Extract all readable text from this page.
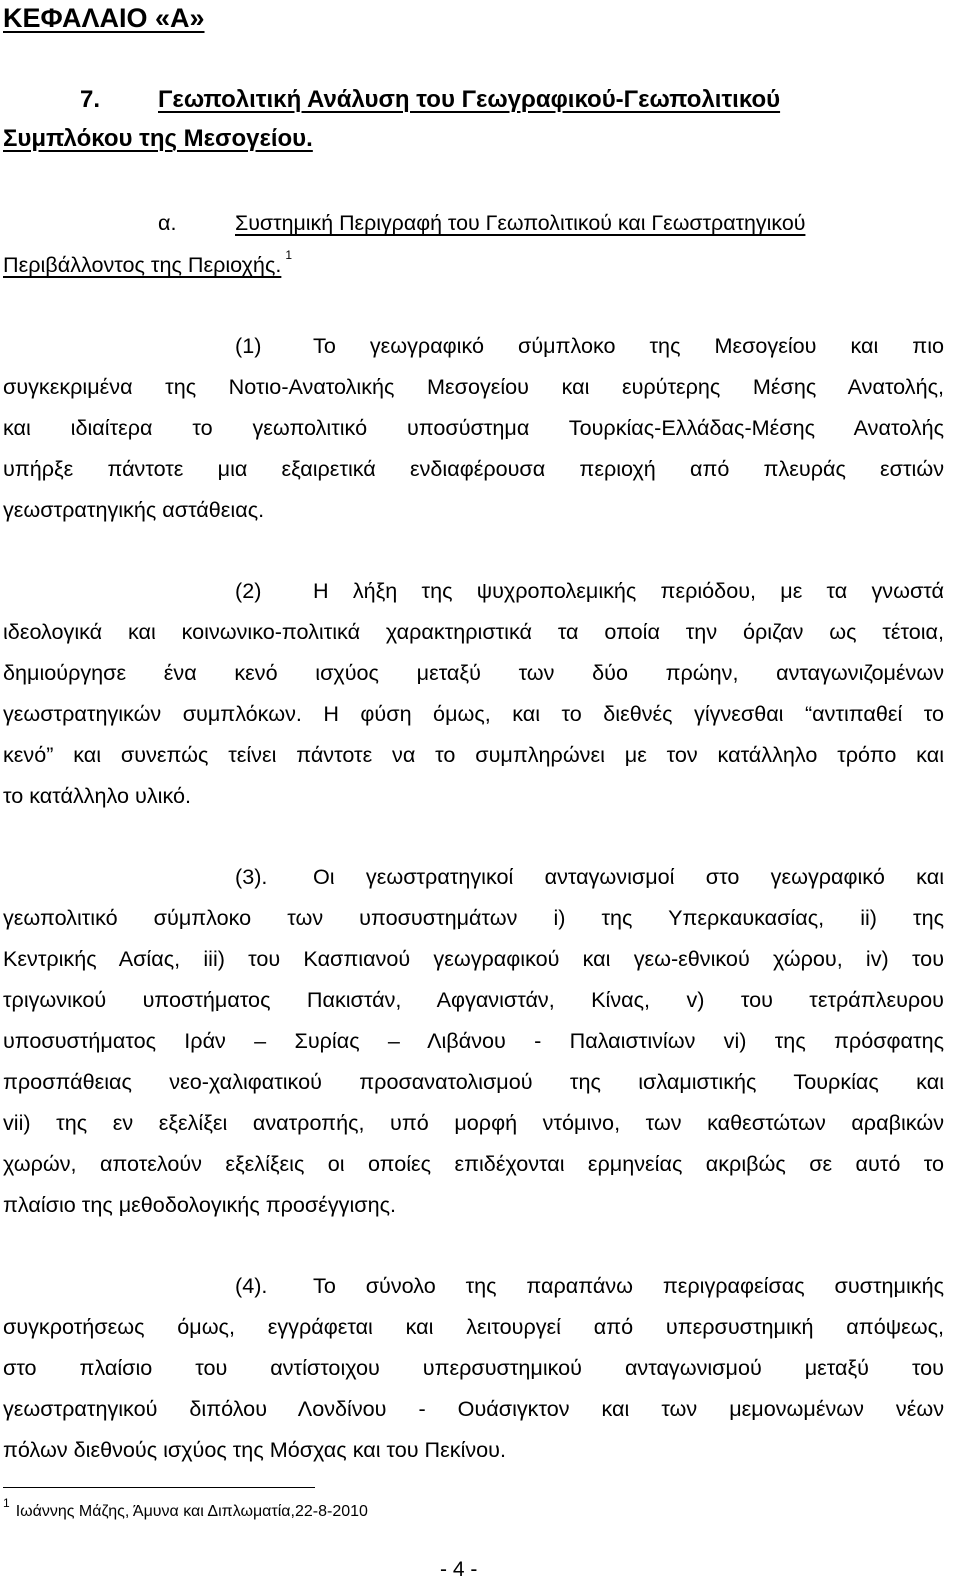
ΚΕΦΑΛΑΙΟ «Α»
7. Γεωπολιτική Ανάλυση του Γεωγραφικού-Γεωπολιτικού
Συμπλόκου της Μεσογείου.
α.	Συστημική Περιγραφή του Γεωπολιτικού και Γεωστρατηγικού
Περιβάλλοντος της Περιοχής. $^1$
(1) Το γεωγραφικό σύμπλοκο της Μεσογείου και πιο
συγκεκριμένα της Νοτιο-Ανατολικής Μεσογείου και ευρύτερης Μέσης Ανατολής,
και ιδιαίτερα το γεωπολιτικό υποσύστημα Τουρκίας-Ελλάδας-Μέσης Ανατολής
υπήρξε πάντοτε μια εξαιρετικά ενδιαφέρουσα περιοχή από πλευράς εστιών
γεωστρατηγικής αστάθειας.
(2) Η λήξη της ψυχροπολεμικής περιόδου, με τα γνωστά
ιδεολογικά και κοινωνικο-πολιτικά χαρακτηριστικά τα οποία την όριζαν ως τέτοια,
δημιούργησε ένα κενό ισχύος μεταξύ των δύο πρώην, ανταγωνιζομένων
γεωστρατηγικών συμπλόκων. Η φύση όμως, και το διεθνές γίγνεσθαι “αντιπαθεί το
κενό” και συνεπώς τείνει πάντοτε να το συμπληρώνει με τον κατάλληλο τρόπο και
το κατάλληλο υλικό.
(3). Οι γεωστρατηγικοί ανταγωνισμοί στο γεωγραφικό και
γεωπολιτικό σύμπλοκο των υποσυστημάτων i) της Υπερκαυκασίας, ii) της
Κεντρικής Ασίας, iii) του Κασπιανού γεωγραφικού και γεω-εθνικού χώρου, iv) του
τριγωνικού υποστήματος Πακιστάν, Αφγανιστάν, Κίνας, v) του τετράπλευρου
υποσυστήματος Ιράν – Συρίας – Λιβάνου - Παλαιστινίων vi) της πρόσφατης
προσπάθειας νεο-χαλιφατικού προσανατολισμού της ισλαμιστικής Τουρκίας και
vii) της εν εξελίξει ανατροπής, υπό μορφή ντόμινο, των καθεστώτων αραβικών
χωρών, αποτελούν εξελίξεις οι οποίες επιδέχονται ερμηνείας ακριβώς σε αυτό το
πλαίσιο της μεθοδολογικής προσέγγισης.
(4). Το σύνολο της παραπάνω περιγραφείσας συστημικής
συγκροτήσεως όμως, εγγράφεται και λειτουργεί από υπερσυστημική απόψεως,
στο πλαίσιο του αντίστοιχου υπερσυστημικού ανταγωνισμού μεταξύ του
γεωστρατηγικού διπόλου Λονδίνου - Ουάσιγκτον και των μεμονωμένων νέων
πόλων διεθνούς ισχύος της Μόσχας και του Πεκίνου.
$^1$ Ιωάννης Μάζης, Άμυνα και Διπλωματία,22-8-2010
- 4 -
